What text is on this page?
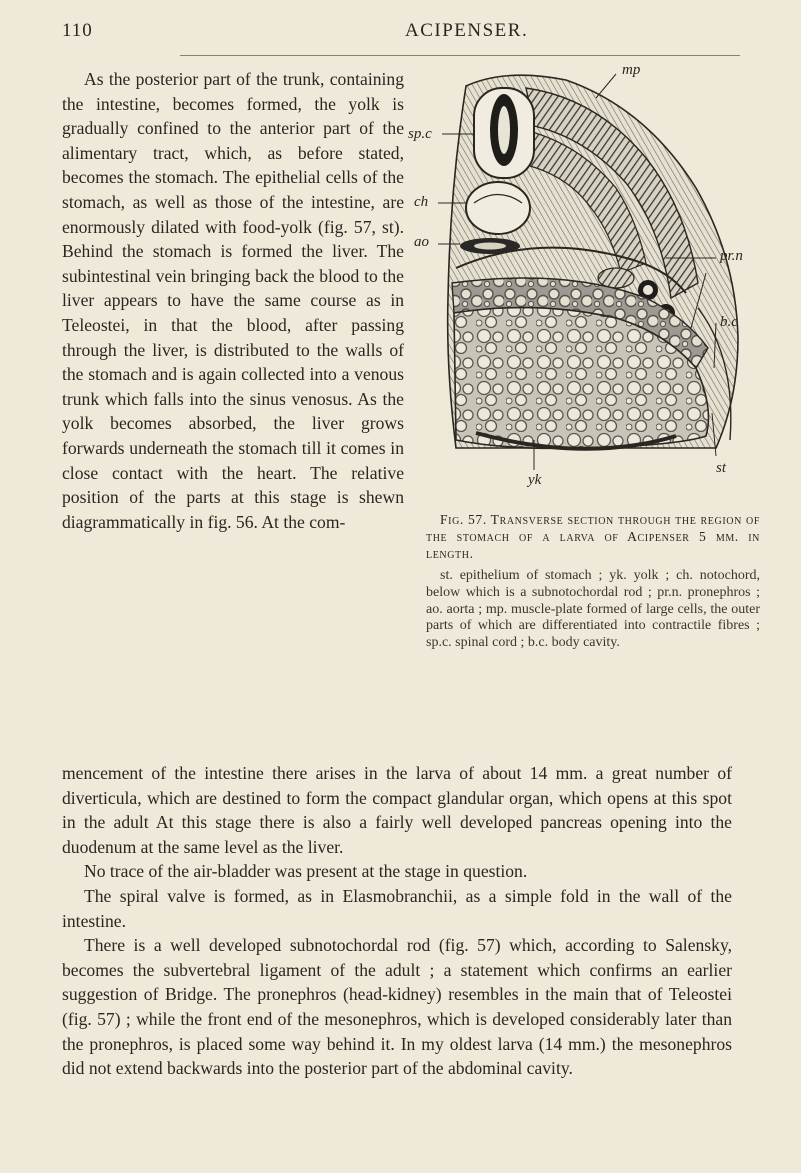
110	ACIPENSER.

As the posterior part of the trunk, containing the intestine, becomes formed, the yolk is gradually confined to the anterior part of the alimentary tract, which, as before stated, becomes the stomach. The epithelial cells of the stomach, as well as those of the intestine, are enormously dilated with food-yolk (fig. 57, st). Behind the stomach is formed the liver. The subintestinal vein bringing back the blood to the liver appears to have the same course as in Teleostei, in that the blood, after passing through the liver, is distributed to the walls of the stomach and is again collected into a venous trunk which falls into the sinus venosus. As the yolk becomes absorbed, the liver grows forwards underneath the stomach till it comes in close contact with the heart. The relative position of the parts at this stage is shewn diagrammatically in fig. 56. At the com-

sp.c
mp
ch
ao
pr.n
b.c
st
yk

Fig. 57. Transverse section through the region of the stomach of a larva of Acipenser 5 mm. in length.

st. epithelium of stomach ; yk. yolk ; ch. notochord, below which is a subnotochordal rod ; pr.n. pronephros ; ao. aorta ; mp. muscle-plate formed of large cells, the outer parts of which are differentiated into contractile fibres ; sp.c. spinal cord ; b.c. body cavity.

mencement of the intestine there arises in the larva of about 14 mm. a great number of diverticula, which are destined to form the compact glandular organ, which opens at this spot in the adult At this stage there is also a fairly well developed pancreas opening into the duodenum at the same level as the liver.

No trace of the air-bladder was present at the stage in question.

The spiral valve is formed, as in Elasmobranchii, as a simple fold in the wall of the intestine.

There is a well developed subnotochordal rod (fig. 57) which, according to Salensky, becomes the subvertebral ligament of the adult ; a statement which confirms an earlier suggestion of Bridge. The pronephros (head-kidney) resembles in the main that of Teleostei (fig. 57) ; while the front end of the mesonephros, which is developed considerably later than the pronephros, is placed some way behind it. In my oldest larva (14 mm.) the mesonephros did not extend backwards into the posterior part of the abdominal cavity.
